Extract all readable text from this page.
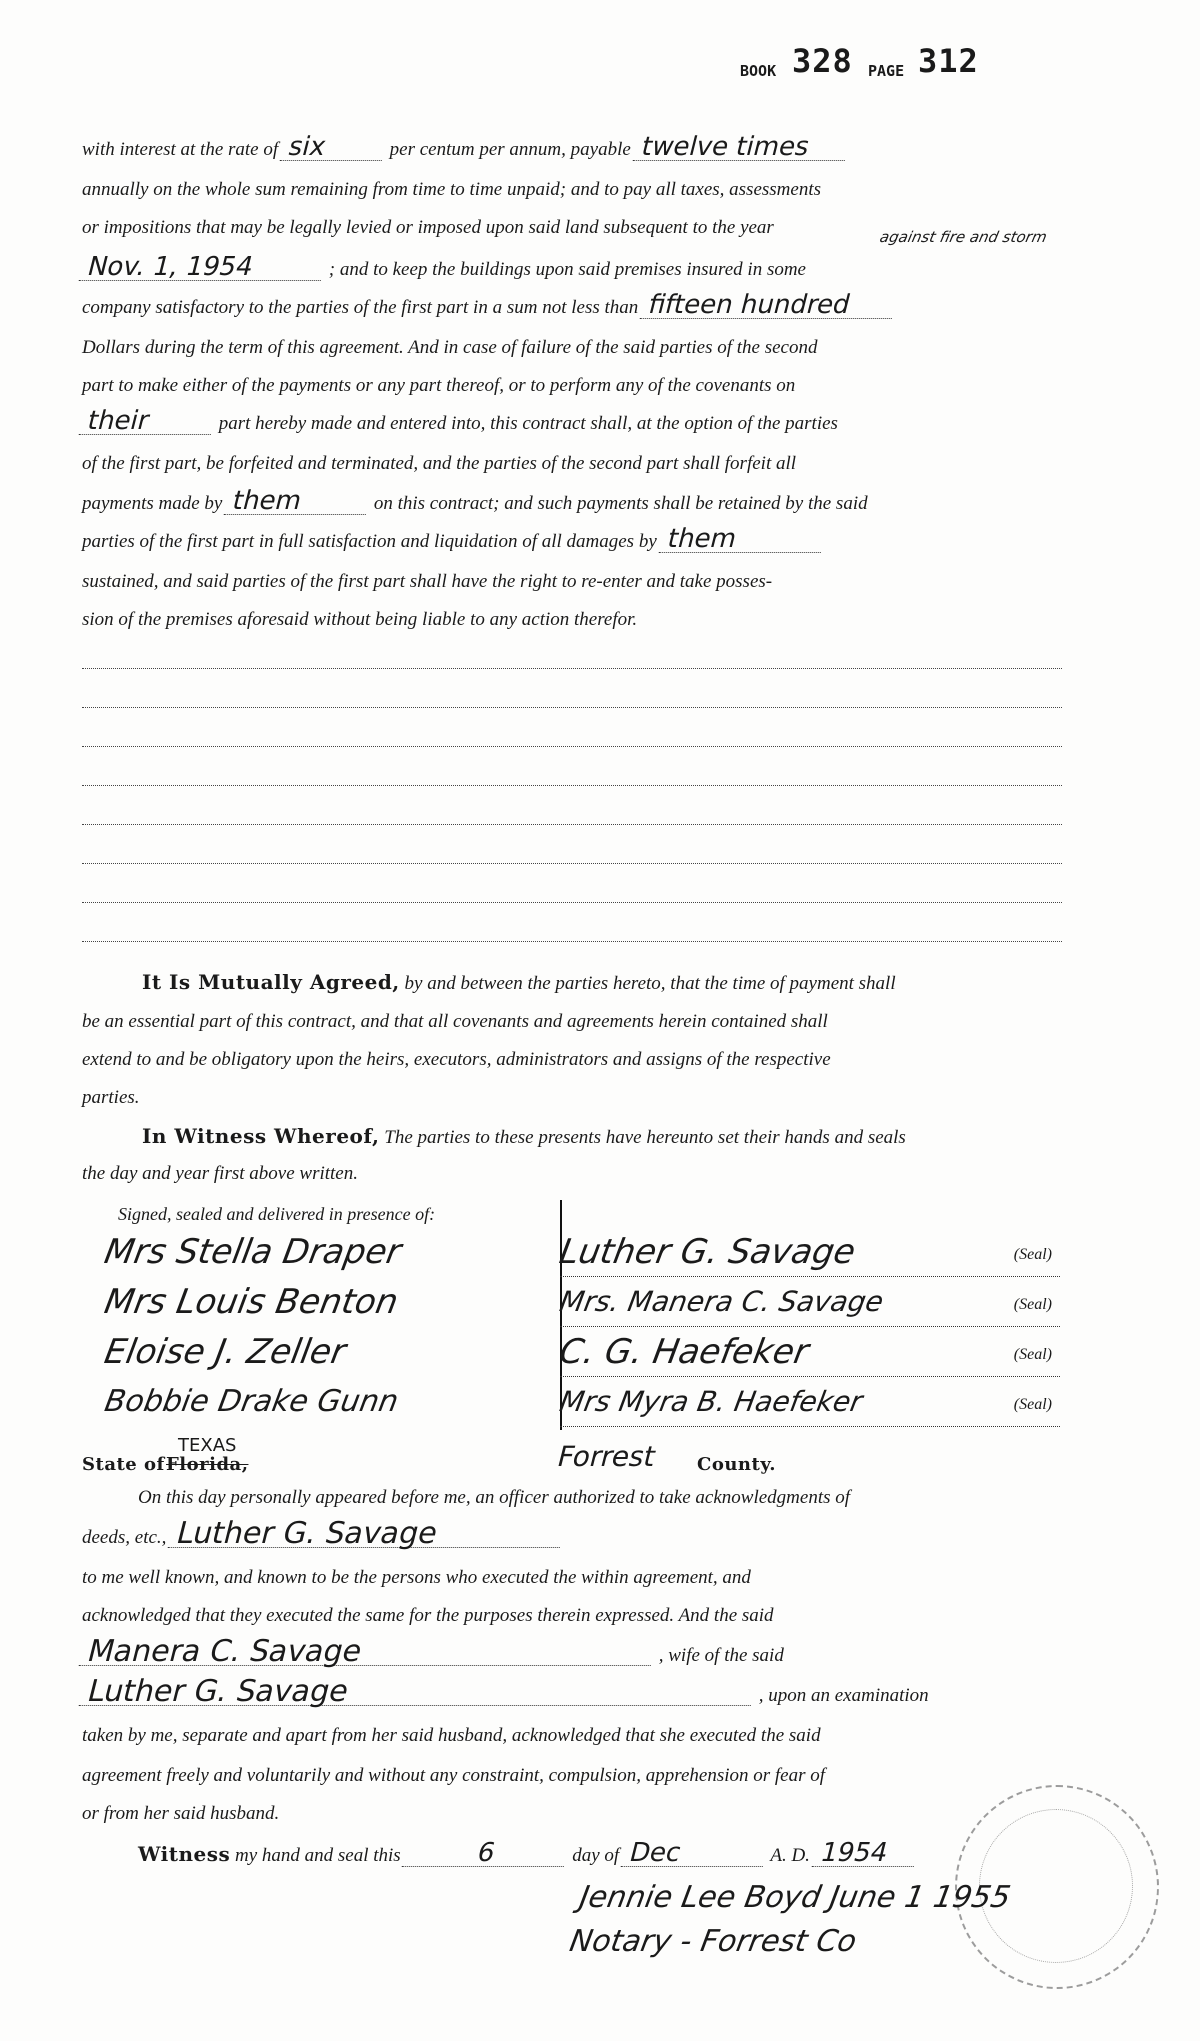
BOOK 328 PAGE 312
with interest at the rate of six	per centum per annum, payable twelve times
annually on the whole sum remaining from time to time unpaid; and to pay all taxes, assessments
or impositions that may be legally levied or imposed upon said land subsequent to the year	against fire and storm
Nov. 1, 1954	; and to keep the buildings upon said premises insured in some
company satisfactory to the parties of the first part in a sum not less than fifteen hundred
Dollars during the term of this agreement. And in case of failure of the said parties of the second
part to make either of the payments or any part thereof, or to perform any of the covenants on
their	part hereby made and entered into, this contract shall, at the option of the parties
of the first part, be forfeited and terminated, and the parties of the second part shall forfeit all
payments made by them	on this contract; and such payments shall be retained by the said
parties of the first part in full satisfaction and liquidation of all damages by them
sustained, and said parties of the first part shall have the right to re-enter and take posses-
sion of the premises aforesaid without being liable to any action therefor.
It Is Mutually Agreed, by and between the parties hereto, that the time of payment shall
be an essential part of this contract, and that all covenants and agreements herein contained shall
extend to and be obligatory upon the heirs, executors, administrators and assigns of the respective
parties.
In Witness Whereof, The parties to these presents have hereunto set their hands and seals
the day and year first above written.
Signed, sealed and delivered in presence of:
Mrs Stella Draper
Mrs Louis Benton
Eloise J. Zeller
Bobbie Drake Gunn
Luther G. Savage	(Seal)
Mrs. Manera C. Savage	(Seal)
C. G. Haefeker	(Seal)
Mrs Myra B. Haefeker	(Seal)
State of Florida,
TEXAS	Forrest County.
On this day personally appeared before me, an officer authorized to take acknowledgments of
deeds, etc., Luther G. Savage
to me well known, and known to be the persons who executed the within agreement, and
acknowledged that they executed the same for the purposes therein expressed. And the said
Manera C. Savage	, wife of the said
Luther G. Savage	, upon an examination
taken by me, separate and apart from her said husband, acknowledged that she executed the said
agreement freely and voluntarily and without any constraint, compulsion, apprehension or fear of
or from her said husband.
Witness my hand and seal this	6	day of Dec	A. D. 1954
Jennie Lee Boyd June 1 1955
Notary - Forrest Co
